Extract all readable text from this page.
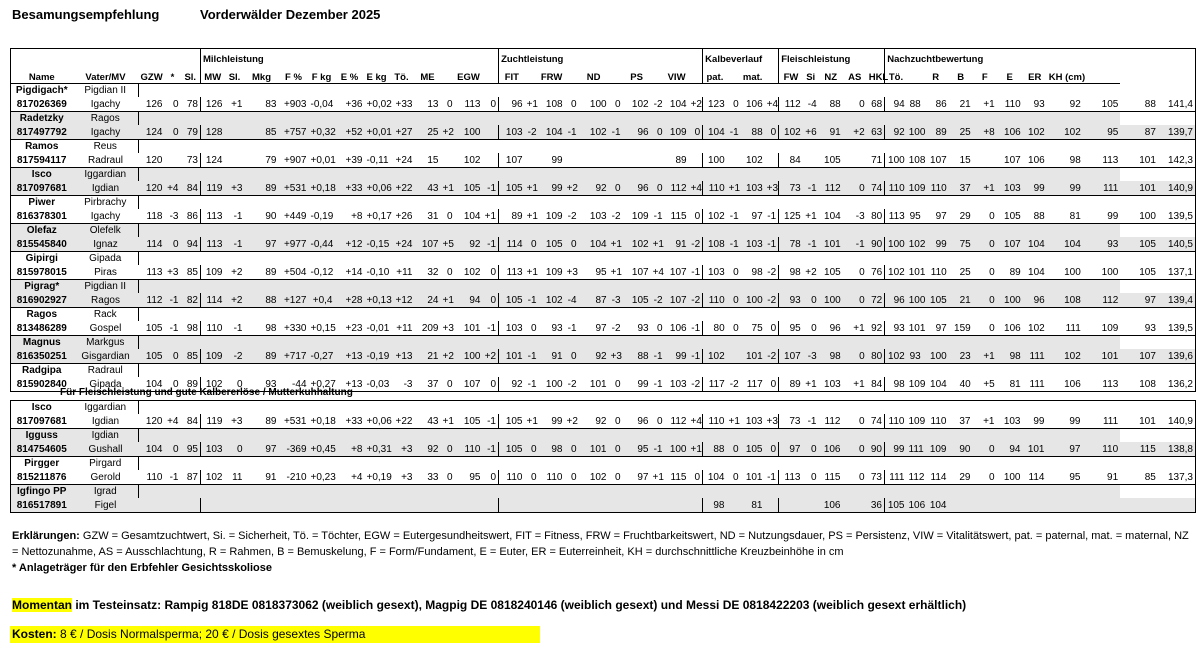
Besamungsempfehlung	Vorderwälder Dezember 2025
					Milchleistung												Zuchtleistung										Kalbeverlauf				Fleischleistung					Nachzuchtbewertung										
Name	Vater/MV	GZW	*	Sl.	MW	Sl.	Mkg	F %	F kg	E %	E kg	Tö.	ME		EGW		FIT		FRW		ND		PS		VIW		pat.		mat.		FW	Si	NZ	AS	HKL	Tö.		R	B	F	E	ER	KH (cm)			
Pigdigach*	Pigdian II																																													
817026369	Igachy	126	0	78	126	+1	83	+903	-0,04	+36	+0,02	+33	13	0	113	0	96	+1	108	0	100	0	102	-2	104	+2	123	0	106	+4	112	-4	88	0	68	94	88	86	21	+1	110	93	92	105	88	141,4
Radetzky	Ragos																																													
817497792	Igachy	124	0	79	128		85	+757	+0,32	+52	+0,01	+27	25	+2	100		103	-2	104	-1	102	-1	96	0	109	0	104	-1	88	0	102	+6	91	+2	63	92	100	89	25	+8	106	102	102	95	87	139,7
Ramos	Reus																																													
817594117	Radraul	120		73	124		79	+907	+0,01	+39	-0,11	+24	15		102		107		99						89		100		102		84		105		71	100	108	107	15		107	106	98	113	101	142,3
Isco	Iggardian																																													
817097681	Igdian	120	+4	84	119	+3	89	+531	+0,18	+33	+0,06	+22	43	+1	105	-1	105	+1	99	+2	92	0	96	0	112	+4	110	+1	103	+3	73	-1	112	0	74	110	109	110	37	+1	103	99	99	111	101	140,9
Piwer	Pirbrachy																																													
816378301	Igachy	118	-3	86	113	-1	90	+449	-0,19	+8	+0,17	+26	31	0	104	+1	89	+1	109	-2	103	-2	109	-1	115	0	102	-1	97	-1	125	+1	104	-3	80	113	95	97	29	0	105	88	81	99	100	139,5
Olefaz	Olefelk																																													
815545840	Ignaz	114	0	94	113	-1	97	+977	-0,44	+12	-0,15	+24	107	+5	92	-1	114	0	105	0	104	+1	102	+1	91	-2	108	-1	103	-1	78	-1	101	-1	90	100	102	99	75	0	107	104	104	93	105	140,5
Gipirgi	Gipada																																													
815978015	Piras	113	+3	85	109	+2	89	+504	-0,12	+14	-0,10	+11	32	0	102	0	113	+1	109	+3	95	+1	107	+4	107	-1	103	0	98	-2	98	+2	105	0	76	102	101	110	25	0	89	104	100	100	105	137,1
Pigrag*	Pigdian II																																													
816902927	Ragos	112	-1	82	114	+2	88	+127	+0,4	+28	+0,13	+12	24	+1	94	0	105	-1	102	-4	87	-3	105	-2	107	-2	110	0	100	-2	93	0	100	0	72	96	100	105	21	0	100	96	108	112	97	139,4
Ragos	Rack																																													
813486289	Gospel	105	-1	98	110	-1	98	+330	+0,15	+23	-0,01	+11	209	+3	101	-1	103	0	93	-1	97	-2	93	0	106	-1	80	0	75	0	95	0	96	+1	92	93	101	97	159	0	106	102	111	109	93	139,5
Magnus	Markgus																																													
816350251	Gisgardian	105	0	85	109	-2	89	+717	-0,27	+13	-0,19	+13	21	+2	100	+2	101	-1	91	0	92	+3	88	-1	99	-1	102		101	-2	107	-3	98	0	80	102	93	100	23	+1	98	111	102	101	107	139,6
Radgipa	Radraul																																													
815902840	Gipada	104	0	89	102	0	93	-44	+0,27	+13	-0,03	-3	37	0	107	0	92	-1	100	-2	101	0	99	-1	103	-2	117	-2	117	0	89	+1	103	+1	84	98	109	104	40	+5	81	111	106	113	108	136,2
Für Fleischleistung und gute Kalbererlöse / Mutterkuhhaltung
Isco	Iggardian																																													
817097681	Igdian	120	+4	84	119	+3	89	+531	+0,18	+33	+0,06	+22	43	+1	105	-1	105	+1	99	+2	92	0	96	0	112	+4	110	+1	103	+3	73	-1	112	0	74	110	109	110	37	+1	103	99	99	111	101	140,9
Igguss	Igdian																																													
814754605	Gushall	104	0	95	103	0	97	-369	+0,45	+8	+0,31	+3	92	0	110	-1	105	0	98	0	101	0	95	-1	100	+1	88	0	105	0	97	0	106	0	90	99	111	109	90	0	94	101	97	110	115	138,8
Pirgger	Pirgard																																													
815211876	Gerold	110	-1	87	102	11	91	-210	+0,23	+4	+0,19	+3	33	0	95	0	110	0	110	0	102	0	97	+1	115	0	104	0	101	-1	113	0	115	0	73	111	112	114	29	0	100	114	95	91	85	137,3
Igfingo PP	Igrad																																													
816517891	Figel																										98		81				106		36	105	106	104								
Erklärungen: GZW = Gesamtzuchtwert, Si. = Sicherheit, Tö. = Töchter, EGW = Eutergesundheitswert, FIT = Fitness, FRW = Fruchtbarkeitswert, ND = Nutzungsdauer, PS = Persistenz, VIW = Vitalitätswert, pat. = paternal, mat. = maternal, NZ = Nettozunahme, AS = Ausschlachtung, R = Rahmen, B = Bemuskelung, F = Form/Fundament, E = Euter, ER = Euterreinheit, KH = durchschnittliche Kreuzbeinhöhe in cm
* Anlageträger für den Erbfehler Gesichtsskoliose
Momentan im Testeinsatz: Rampig 818DE 0818373062 (weiblich gesext), Magpig DE 0818240146 (weiblich gesext) und Messi DE 0818422203 (weiblich gesext erhältlich)
Kosten: 8 € / Dosis Normalsperma; 20 € / Dosis gesextes Sperma
